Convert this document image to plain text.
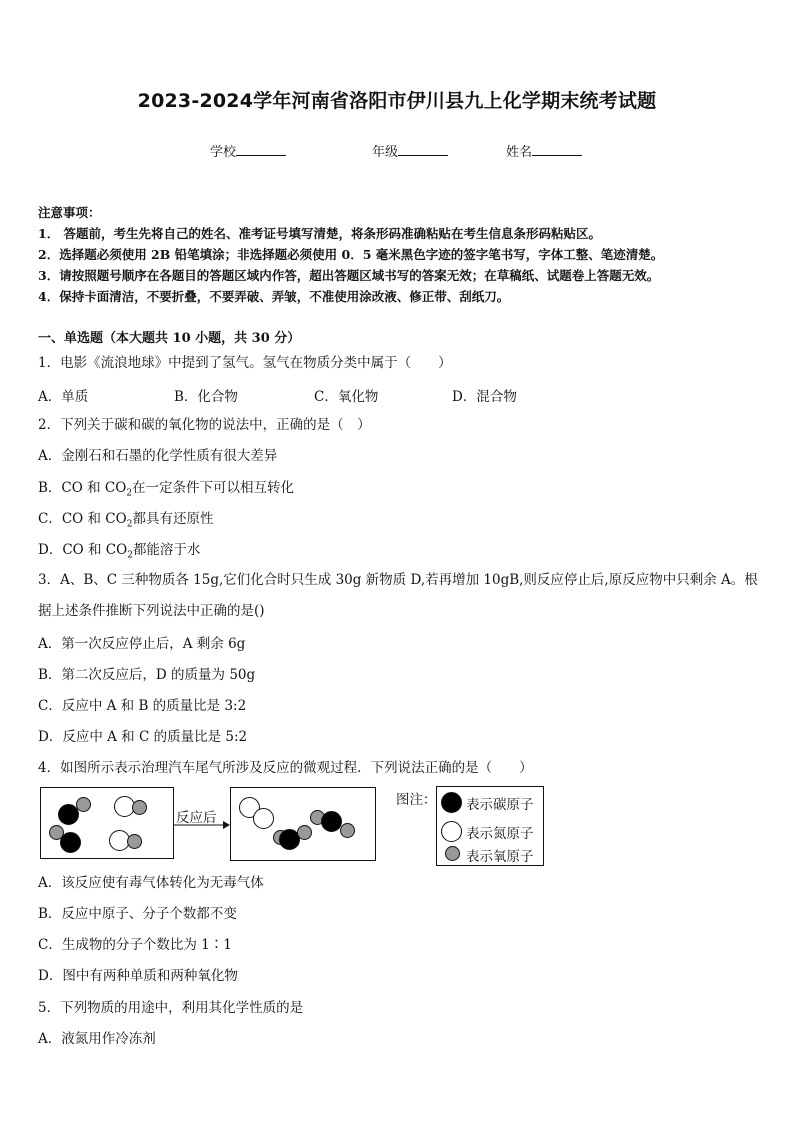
2023-2024学年河南省洛阳市伊川县九上化学期末统考试题
学校	年级	姓名
注意事项：
1． 答题前，考生先将自己的姓名、准考证号填写清楚，将条形码准确粘贴在考生信息条形码粘贴区。
2．选择题必须使用 2B 铅笔填涂；非选择题必须使用 0．5 毫米黑色字迹的签字笔书写，字体工整、笔迹清楚。
3．请按照题号顺序在各题目的答题区域内作答，超出答题区域书写的答案无效；在草稿纸、试题卷上答题无效。
4．保持卡面清洁，不要折叠，不要弄破、弄皱，不准使用涂改液、修正带、刮纸刀。
一、单选题（本大题共 10 小题，共 30 分）
1．电影《流浪地球》中提到了氢气。氢气在物质分类中属于（　　）
A．单质	B．化合物	C．氧化物	D．混合物
2．下列关于碳和碳的氧化物的说法中，正确的是（　）
A．金刚石和石墨的化学性质有很大差异
B．CO 和 $CO_2$在一定条件下可以相互转化
C．CO 和 $CO_2$都具有还原性
D．CO 和 $CO_2$都能溶于水
3．A、B、C 三种物质各 15g,它们化合时只生成 30g 新物质 D,若再增加 10gB,则反应停止后,原反应物中只剩余 A。根据上述条件推断下列说法中正确的是()
A．第一次反应停止后，A 剩余 6g
B．第二次反应后，D 的质量为 50g
C．反应中 A 和 B 的质量比是 3:2
D．反应中 A 和 C 的质量比是 5:2
4．如图所示表示治理汽车尾气所涉及反应的微观过程．下列说法正确的是（　　）
反应后
图注： 表示碳原子
表示氮原子
表示氧原子
A．该反应使有毒气体转化为无毒气体
B．反应中原子、分子个数都不变
C．生成物的分子个数比为 1∶1
D．图中有两种单质和两种氧化物
5．下列物质的用途中，利用其化学性质的是
A．液氮用作冷冻剂
